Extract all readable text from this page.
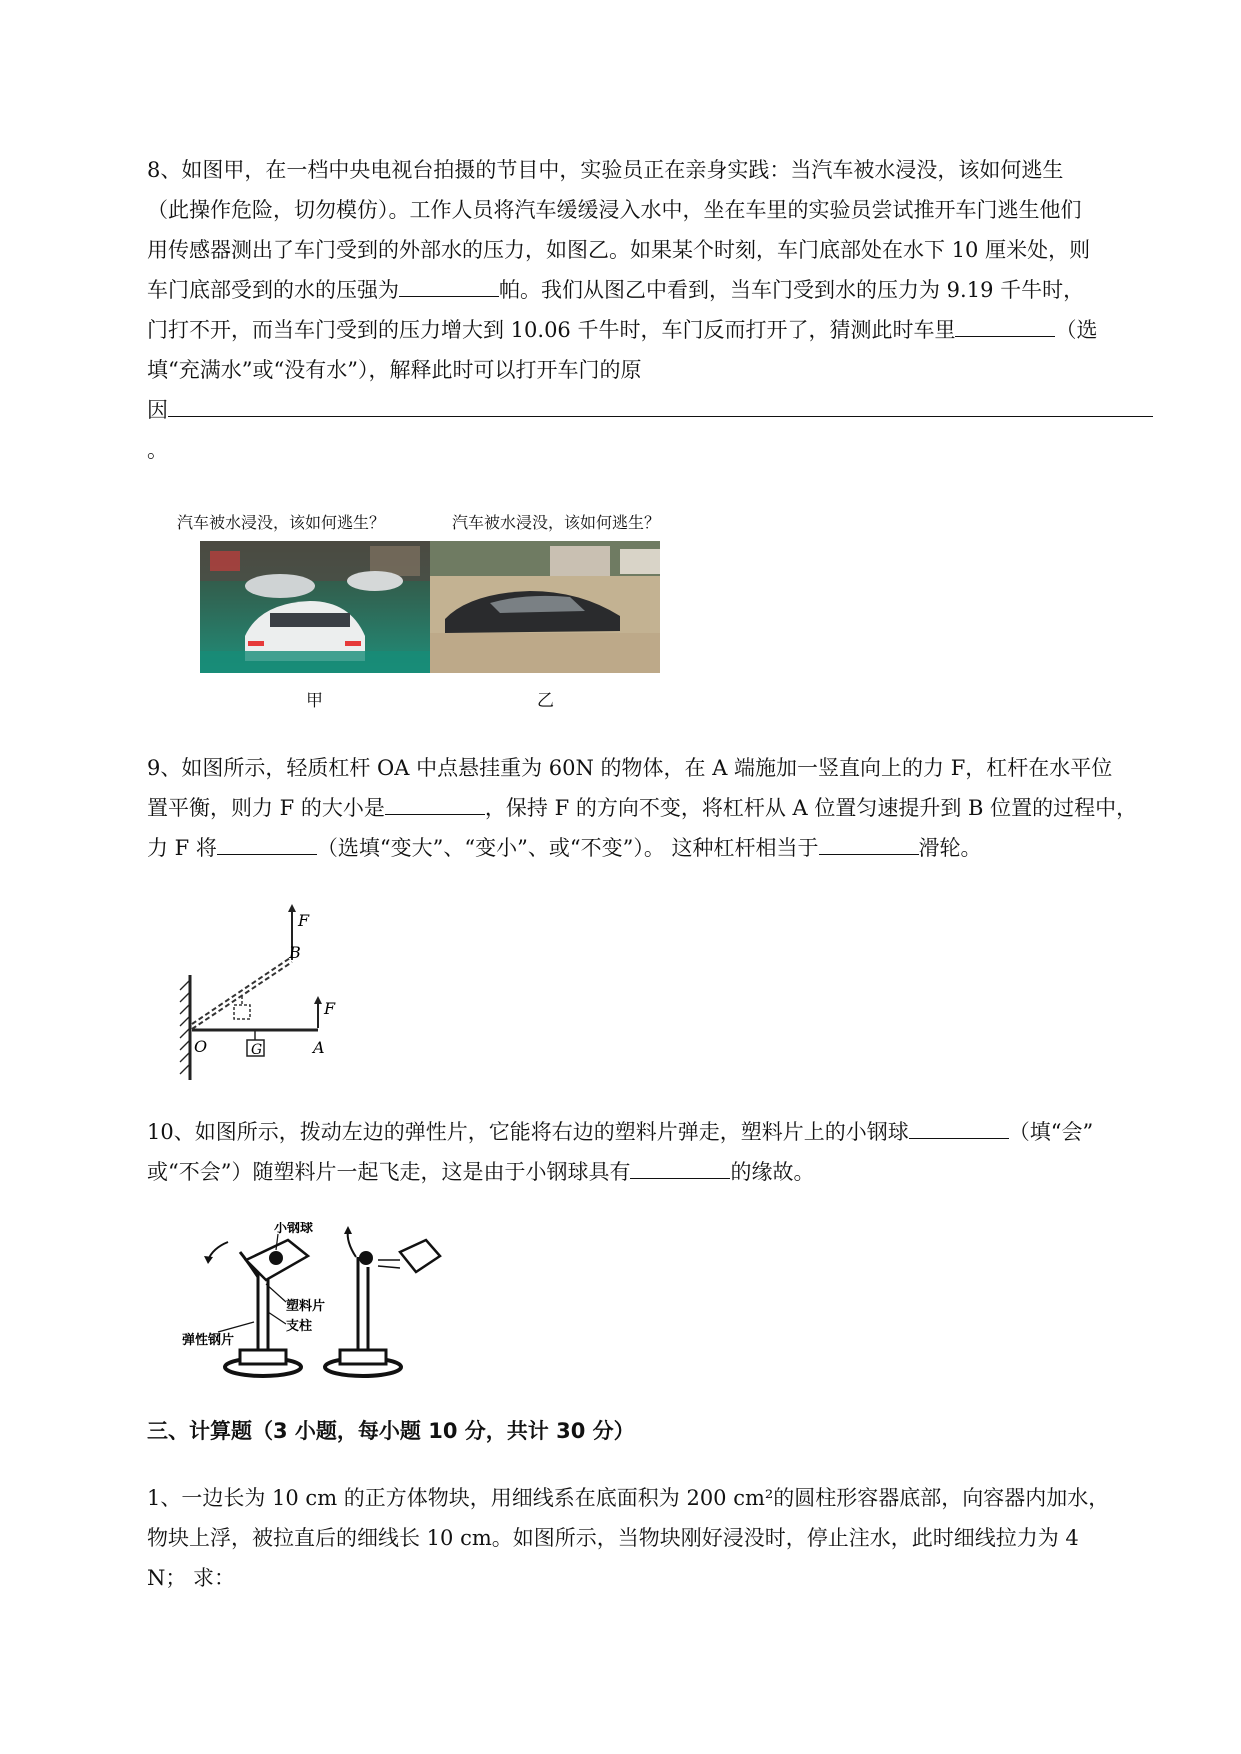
8、如图甲，在一档中央电视台拍摄的节目中，实验员正在亲身实践：当汽车被水浸没，该如何逃生
（此操作危险，切勿模仿）。工作人员将汽车缓缓浸入水中，坐在车里的实验员尝试推开车门逃生他们
用传感器测出了车门受到的外部水的压力，如图乙。如果某个时刻，车门底部处在水下 10 厘米处，则
车门底部受到的水的压强为	帕。我们从图乙中看到，当车门受到水的压力为 9.19 千牛时，
门打不开，而当车门受到的压力增大到 10.06 千牛时，车门反而打开了，猜测此时车里	（选
填“充满水”或“没有水”），解释此时可以打开车门的原
因
。
汽车被水浸没，该如何逃生？	汽车被水浸没，该如何逃生？
甲	乙
9、如图所示，轻质杠杆 OA 中点悬挂重为 60N 的物体，在 A 端施加一竖直向上的力 F，杠杆在水平位
置平衡，则力 F 的大小是	，保持 F 的方向不变，将杠杆从 A 位置匀速提升到 B 位置的过程中，
力 F 将	（选填“变大”、“变小”、或“不变”）。 这种杠杆相当于	滑轮。
G
F
F
B
O	A
10、如图所示，拨动左边的弹性片，它能将右边的塑料片弹走，塑料片上的小钢球	（填“会”
或“不会”）随塑料片一起飞走，这是由于小钢球具有	的缘故。
小钢球
塑料片
支柱
弹性钢片
三、计算题（3 小题，每小题 10 分，共计 30 分）
1、一边长为 10 cm 的正方体物块，用细线系在底面积为 200 cm²的圆柱形容器底部，向容器内加水，
物块上浮，被拉直后的细线长 10 cm。如图所示，当物块刚好浸没时，停止注水，此时细线拉力为 4
N； 求：
